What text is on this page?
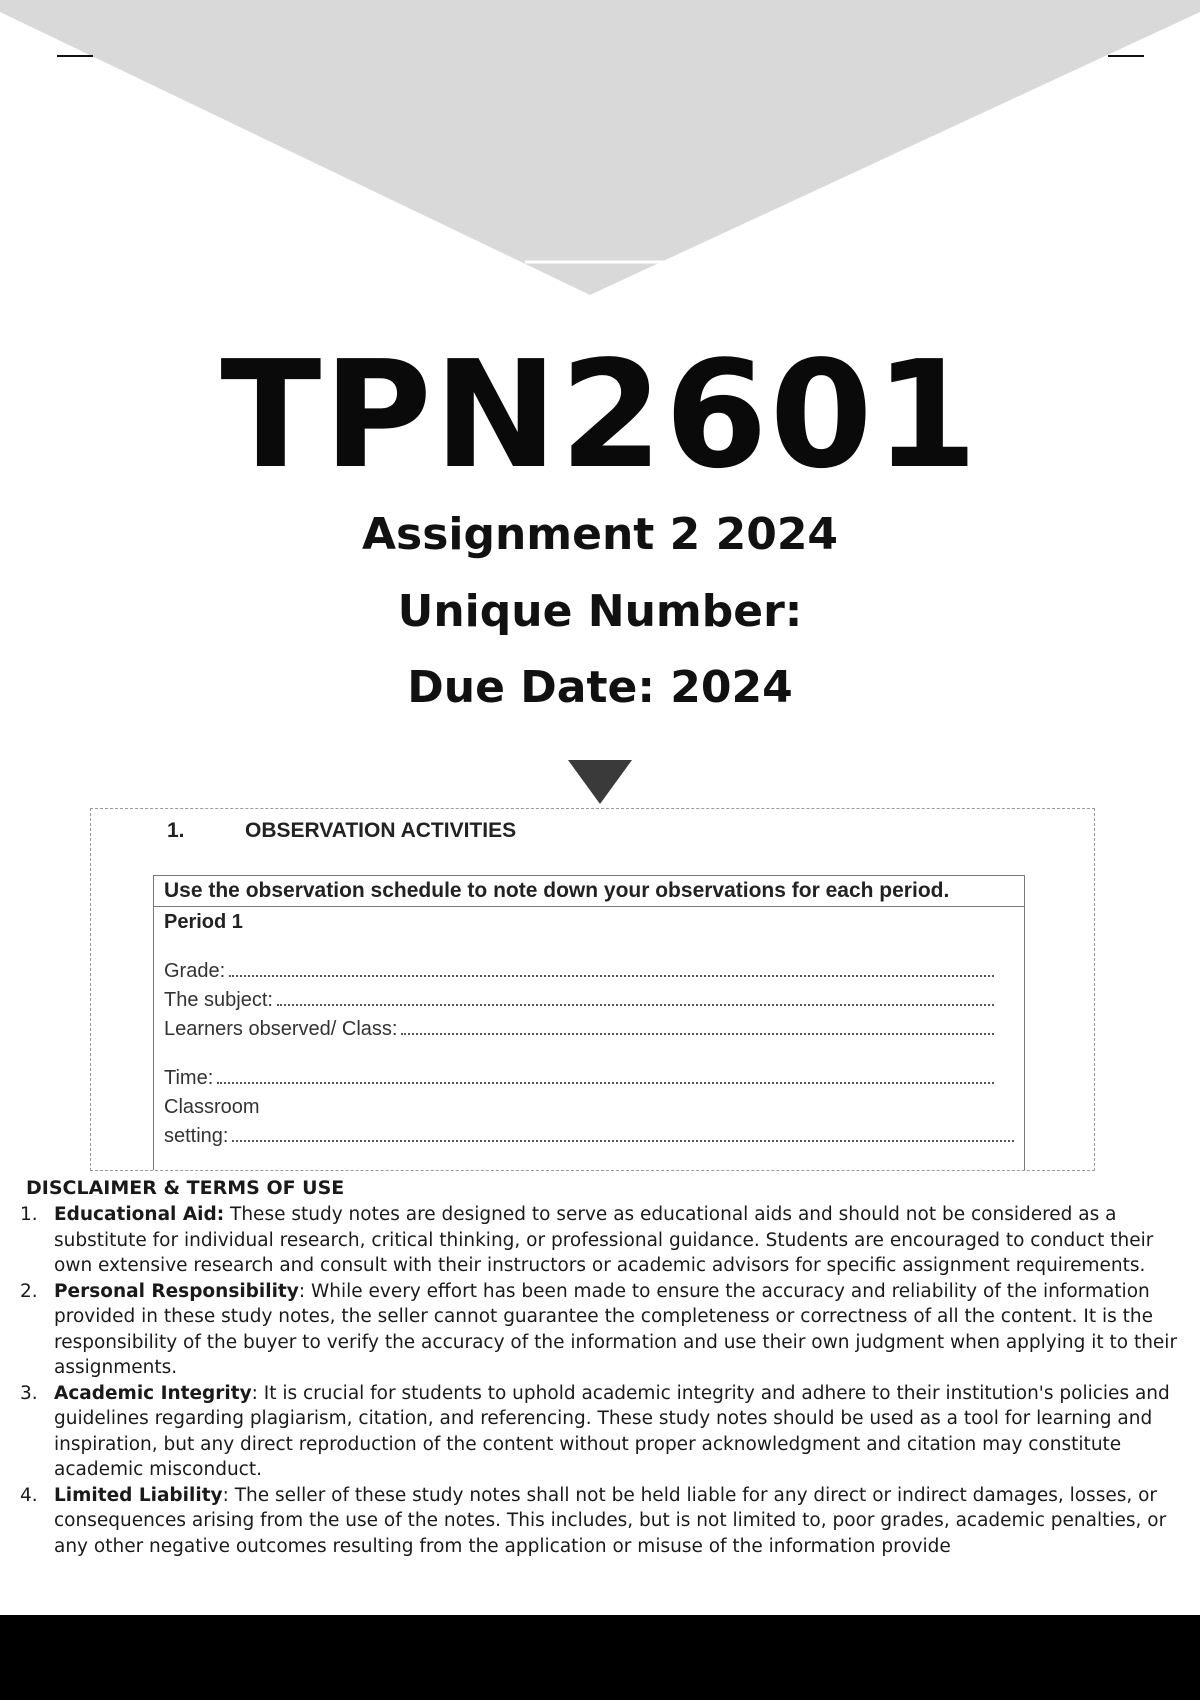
TPN2601
Assignment 2 2024
Unique Number:
Due Date: 2024
1.	OBSERVATION ACTIVITIES
Use the observation schedule to note down your observations for each period.
Period 1
Grade:
The subject:
Learners observed/ Class:
Time:
Classroom
setting:
DISCLAIMER & TERMS OF USE
1. Educational Aid: These study notes are designed to serve as educational aids and should not be considered as a substitute for individual research, critical thinking, or professional guidance. Students are encouraged to conduct their own extensive research and consult with their instructors or academic advisors for specific assignment requirements.
2. Personal Responsibility: While every effort has been made to ensure the accuracy and reliability of the information provided in these study notes, the seller cannot guarantee the completeness or correctness of all the content. It is the responsibility of the buyer to verify the accuracy of the information and use their own judgment when applying it to their assignments.
3. Academic Integrity: It is crucial for students to uphold academic integrity and adhere to their institution's policies and guidelines regarding plagiarism, citation, and referencing. These study notes should be used as a tool for learning and inspiration, but any direct reproduction of the content without proper acknowledgment and citation may constitute academic misconduct.
4. Limited Liability: The seller of these study notes shall not be held liable for any direct or indirect damages, losses, or consequences arising from the use of the notes. This includes, but is not limited to, poor grades, academic penalties, or any other negative outcomes resulting from the application or misuse of the information provide
